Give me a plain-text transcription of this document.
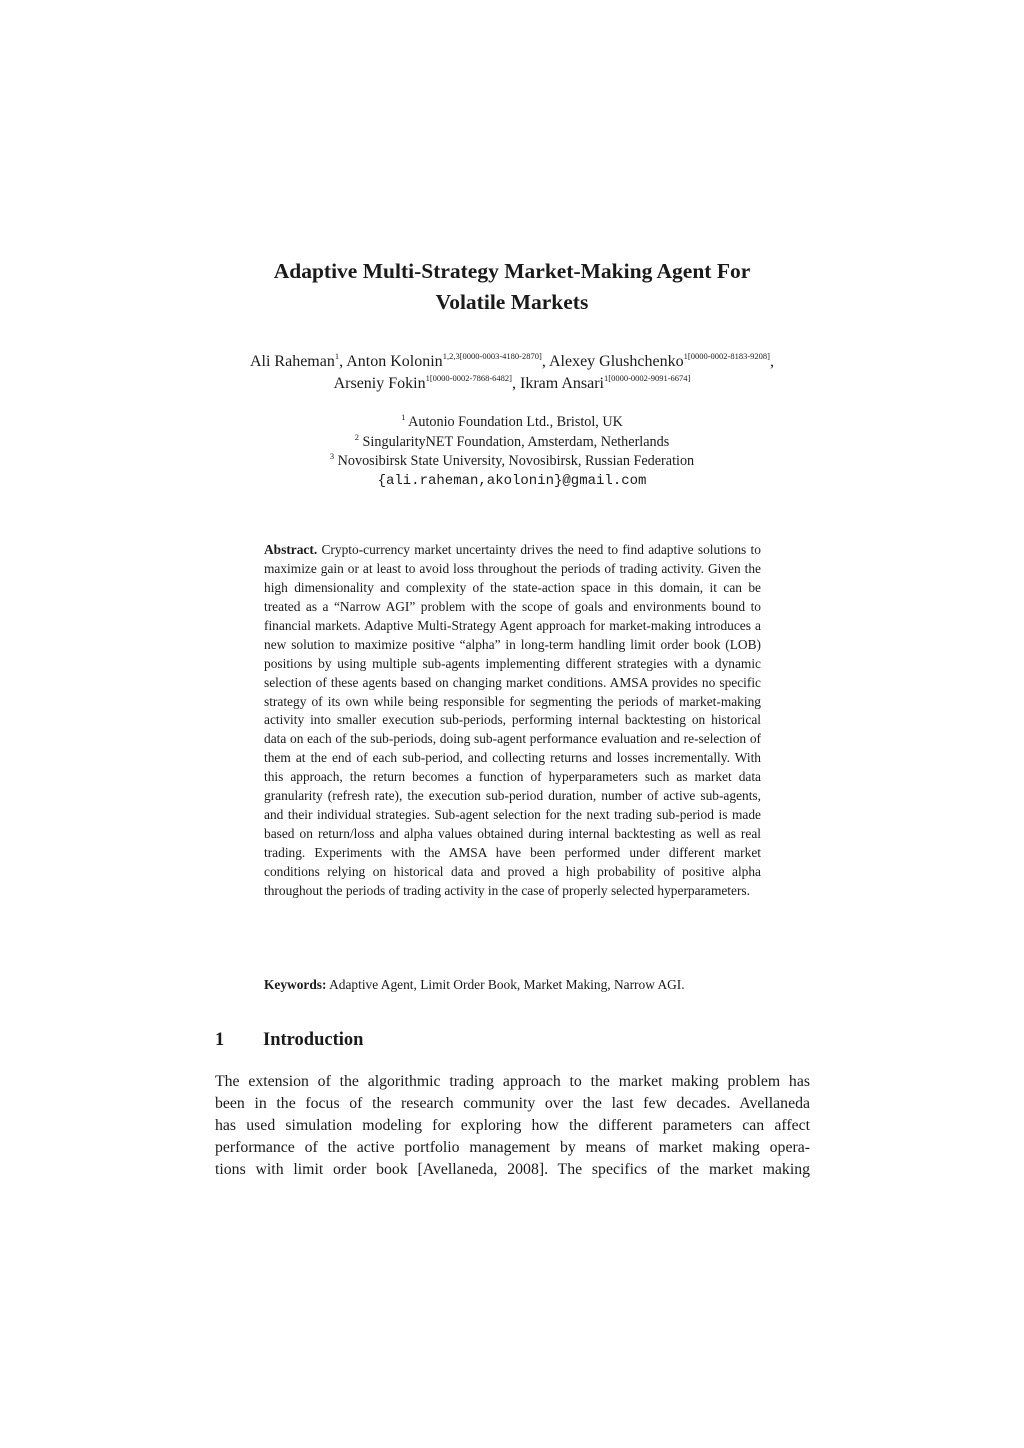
Adaptive Multi-Strategy Market-Making Agent For
Volatile Markets
Ali Raheman$^1$, Anton Kolonin$^{1,2,3[0000-0003-4180-2870]}$, Alexey Glushchenko$^{1[0000-0002-8183-9208]}$,
Arseniy Fokin$^{1[0000-0002-7868-6482]}$, Ikram Ansari$^{1[0000-0002-9091-6674]}$
$^1$ Autonio Foundation Ltd., Bristol, UK
$^2$ SingularityNET Foundation, Amsterdam, Netherlands
$^3$ Novosibirsk State University, Novosibirsk, Russian Federation
{ali.raheman,akolonin}@gmail.com
Abstract. Crypto-currency market uncertainty drives the need to find adaptive solutions to maximize gain or at least to avoid loss throughout the periods of trading activity. Given the high dimensionality and complexity of the state-action space in this domain, it can be treated as a “Narrow AGI” problem with the scope of goals and environments bound to financial markets. Adaptive Multi-Strategy Agent approach for market-making introduces a new solution to maximize positive “alpha” in long-term handling limit order book (LOB) positions by using multiple sub-agents implementing different strategies with a dynamic selection of these agents based on changing market conditions. AMSA provides no specific strategy of its own while being responsible for segmenting the periods of market-making activity into smaller execution sub-periods, performing internal backtesting on historical data on each of the sub-periods, doing sub-agent performance evaluation and re-selection of them at the end of each sub-period, and collecting returns and losses incrementally. With this approach, the return becomes a function of hyperparameters such as market data granularity (refresh rate), the execution sub-period duration, number of active sub-agents, and their individual strategies. Sub-agent selection for the next trading sub-period is made based on return/loss and alpha values obtained during internal backtesting as well as real trading. Experiments with the AMSA have been performed under different market conditions relying on historical data and proved a high probability of positive alpha throughout the periods of trading activity in the case of properly selected hyperparameters.
Keywords: Adaptive Agent, Limit Order Book, Market Making, Narrow AGI.
1 Introduction
The extension of the algorithmic trading approach to the market making problem has
been in the focus of the research community over the last few decades. Avellaneda
has used simulation modeling for exploring how the different parameters can affect
performance of the active portfolio management by means of market making opera-
tions with limit order book [Avellaneda, 2008]. The specifics of the market making
